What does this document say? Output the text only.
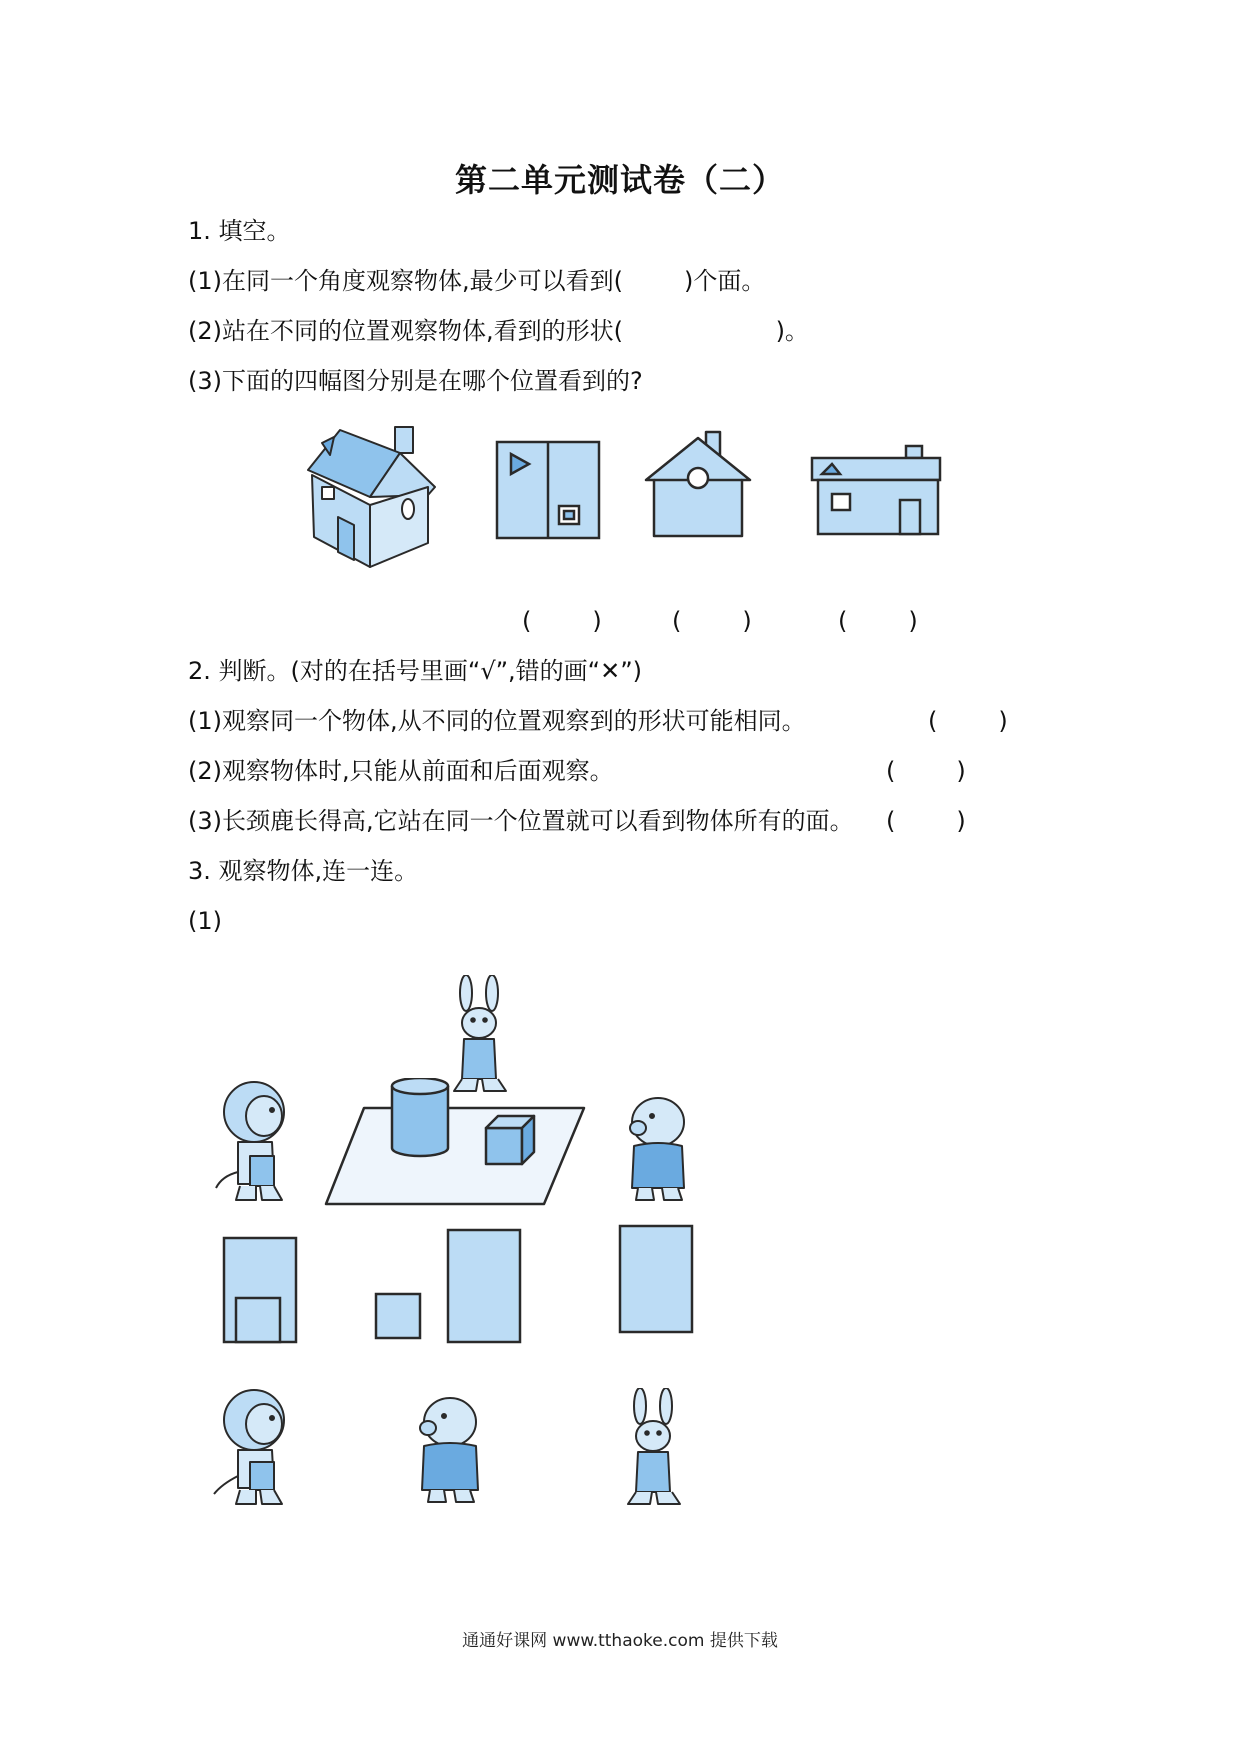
第二单元测试卷（二）
1. 填空。
(1)在同一个角度观察物体,最少可以看到(        )个面。
(2)站在不同的位置观察物体,看到的形状(                    )。
(3)下面的四幅图分别是在哪个位置看到的?
(        )	(        )	(        )
2. 判断。(对的在括号里画“√”,错的画“✕”)
(1)观察同一个物体,从不同的位置观察到的形状可能相同。	(        )
(2)观察物体时,只能从前面和后面观察。	(        )
(3)长颈鹿长得高,它站在同一个位置就可以看到物体所有的面。 (        )
3. 观察物体,连一连。
(1)
通通好课网 www.tthaoke.com 提供下载
